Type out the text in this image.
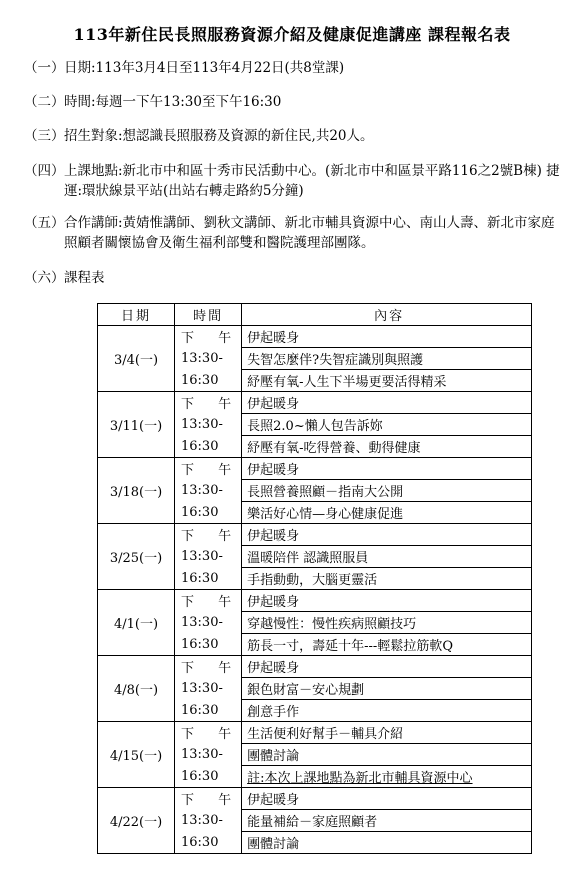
113年新住民長照服務資源介紹及健康促進講座 課程報名表
（一） 日期:113年3月4日至113年4月22日(共8堂課)
（二） 時間:每週一下午13:30至下午16:30
（三） 招生對象:想認識長照服務及資源的新住民,共20人。
（四） 上課地點:新北市中和區十秀市民活動中心。(新北市中和區景平路116之2號B棟) 捷運:環狀線景平站(出站右轉走路約5分鐘)
（五） 合作講師:黃婧惟講師、劉秋文講師、新北市輔具資源中心、南山人壽、新北市家庭照顧者關懷協會及衛生福利部雙和醫院護理部團隊。
（六） 課程表
日期	時間	內容
3/4(一)	下 午	伊起暖身
	13:30-	失智怎麼伴?失智症識別與照護
	16:30	紓壓有氧-人生下半場更要活得精采
3/11(一)	下 午	伊起暖身
	13:30-	長照2.0~懶人包告訴妳
	16:30	紓壓有氧-吃得營養、動得健康
3/18(一)	下 午	伊起暖身
	13:30-	長照營養照顧－指南大公開
	16:30	樂活好心情—身心健康促進
3/25(一)	下 午	伊起暖身
	13:30-	溫暖陪伴 認識照服員
	16:30	手指動動，大腦更靈活
4/1(一)	下 午	伊起暖身
	13:30-	穿越慢性：慢性疾病照顧技巧
	16:30	筋長一寸，壽延十年---輕鬆拉筋軟Q
4/8(一)	下 午	伊起暖身
	13:30-	銀色財富－安心規劃
	16:30	創意手作
4/15(一)	下 午	生活便利好幫手－輔具介紹
	13:30-	團體討論
	16:30	註:本次上課地點為新北市輔具資源中心
4/22(一)	下 午	伊起暖身
	13:30-	能量補給－家庭照顧者
	16:30	團體討論
